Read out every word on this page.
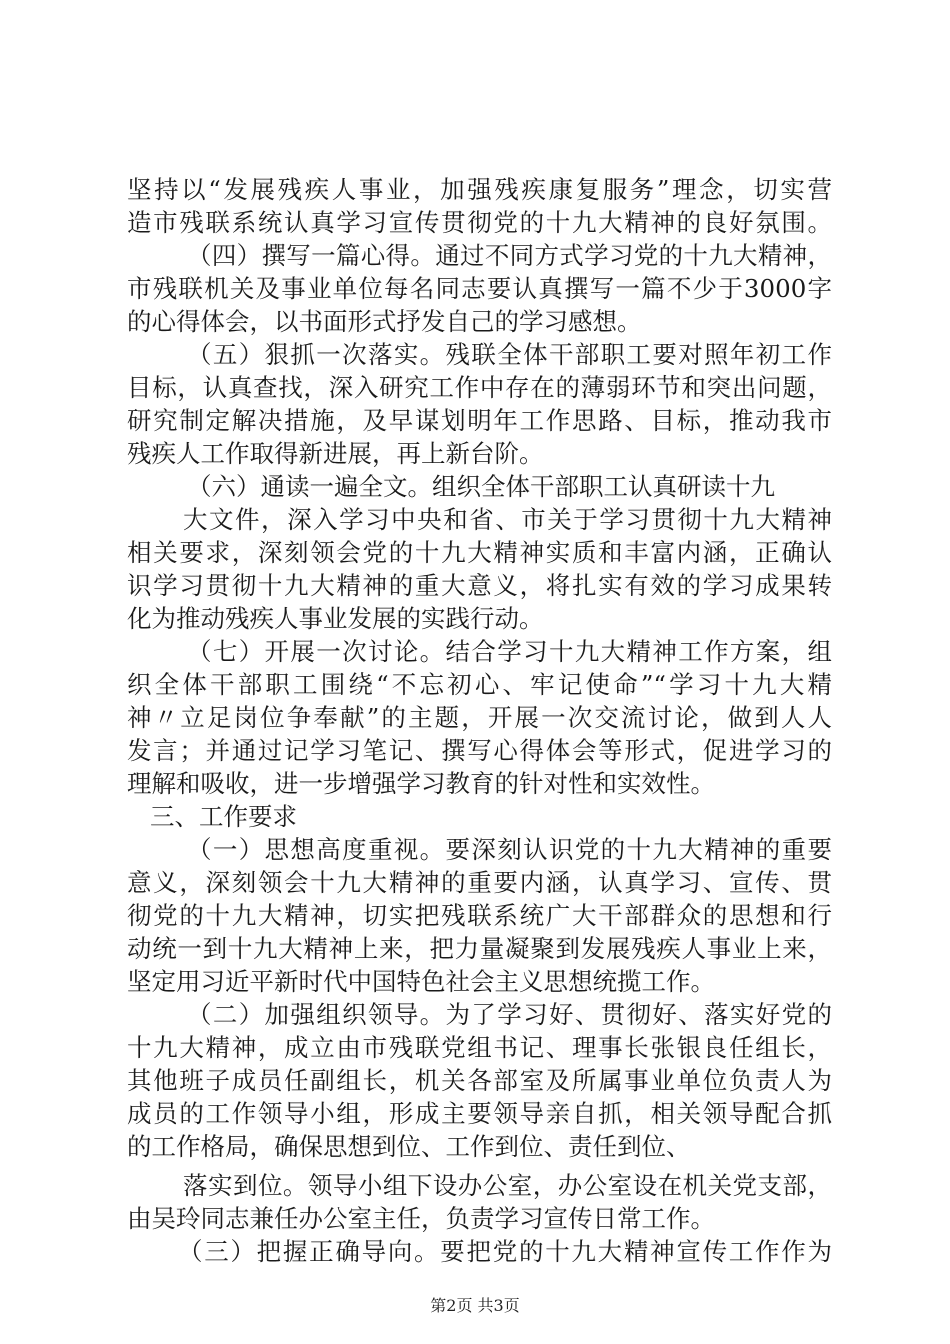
坚持以“发展残疾人事业，加强残疾康复服务”理念，切实营
造市残联系统认真学习宣传贯彻党的十九大精神的良好氛围。
（四）撰写一篇心得。通过不同方式学习党的十九大精神，
市残联机关及事业单位每名同志要认真撰写一篇不少于3000字
的心得体会，以书面形式抒发自己的学习感想。
（五）狠抓一次落实。残联全体干部职工要对照年初工作
目标，认真查找，深入研究工作中存在的薄弱环节和突出问题，
研究制定解决措施，及早谋划明年工作思路、目标，推动我市
残疾人工作取得新进展，再上新台阶。
（六）通读一遍全文。组织全体干部职工认真研读十九
大文件，深入学习中央和省、市关于学习贯彻十九大精神
相关要求，深刻领会党的十九大精神实质和丰富内涵，正确认
识学习贯彻十九大精神的重大意义，将扎实有效的学习成果转
化为推动残疾人事业发展的实践行动。
（七）开展一次讨论。结合学习十九大精神工作方案，组
织全体干部职工围绕“不忘初心、牢记使命”“学习十九大精
神〃立足岗位争奉献”的主题，开展一次交流讨论，做到人人
发言；并通过记学习笔记、撰写心得体会等形式，促进学习的
理解和吸收，进一步增强学习教育的针对性和实效性。
三、工作要求
（一）思想高度重视。要深刻认识党的十九大精神的重要
意义，深刻领会十九大精神的重要内涵，认真学习、宣传、贯
彻党的十九大精神，切实把残联系统广大干部群众的思想和行
动统一到十九大精神上来，把力量凝聚到发展残疾人事业上来，
坚定用习近平新时代中国特色社会主义思想统揽工作。
（二）加强组织领导。为了学习好、贯彻好、落实好党的
十九大精神，成立由市残联党组书记、理事长张银良任组长，
其他班子成员任副组长，机关各部室及所属事业单位负责人为
成员的工作领导小组，形成主要领导亲自抓，相关领导配合抓
的工作格局，确保思想到位、工作到位、责任到位、
落实到位。领导小组下设办公室，办公室设在机关党支部，
由吴玲同志兼任办公室主任，负责学习宣传日常工作。
（三）把握正确导向。要把党的十九大精神宣传工作作为
第2页 共3页
